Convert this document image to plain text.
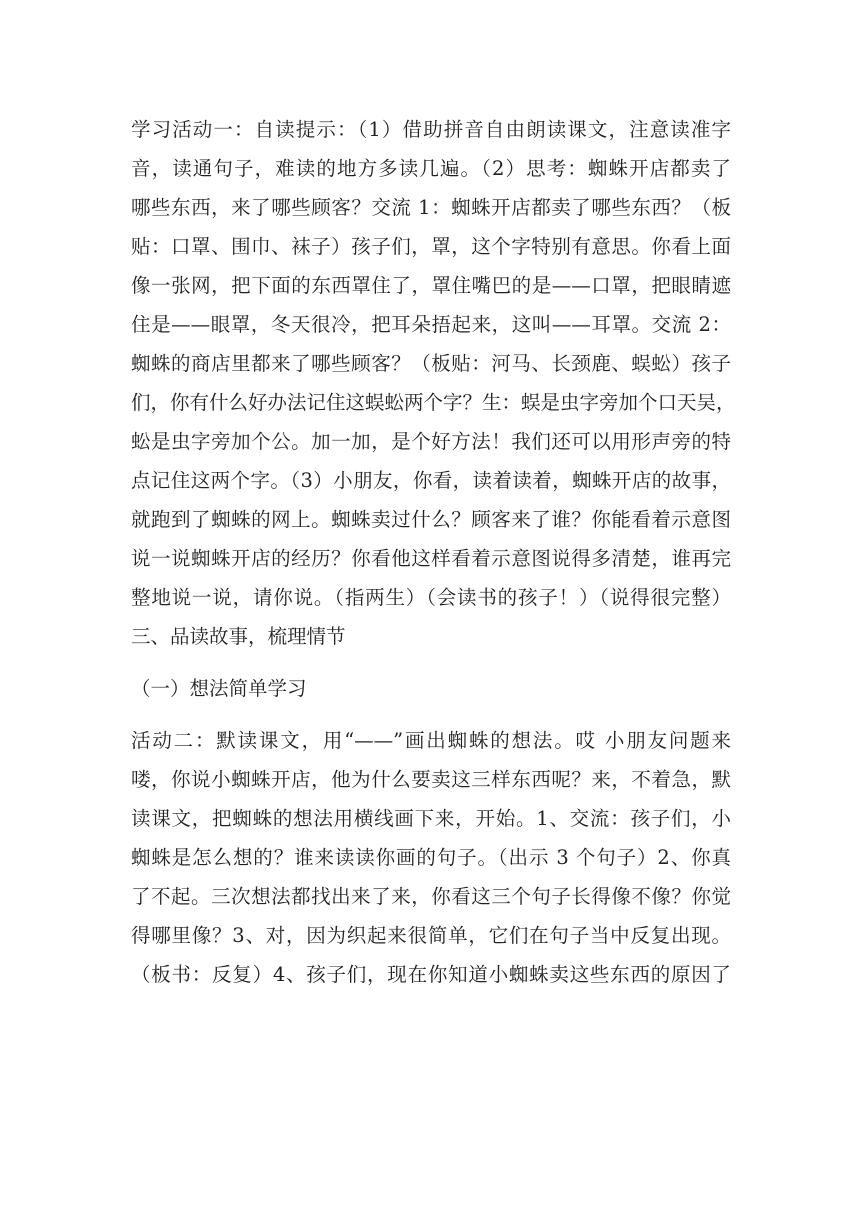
学习活动一：自读提示：（1）借助拼音自由朗读课文，注意读准字
音，读通句子，难读的地方多读几遍。（2）思考：蜘蛛开店都卖了
哪些东西，来了哪些顾客？交流 1：蜘蛛开店都卖了哪些东西？（板
贴：口罩、围巾、袜子）孩子们，罩，这个字特别有意思。你看上面
像一张网，把下面的东西罩住了，罩住嘴巴的是——口罩，把眼睛遮
住是——眼罩，冬天很冷，把耳朵捂起来，这叫——耳罩。交流 2：
蜘蛛的商店里都来了哪些顾客？（板贴：河马、长颈鹿、蜈蚣）孩子
们，你有什么好办法记住这蜈蚣两个字？生：蜈是虫字旁加个口天吴，
蚣是虫字旁加个公。加一加，是个好方法！我们还可以用形声旁的特
点记住这两个字。（3）小朋友，你看，读着读着，蜘蛛开店的故事，
就跑到了蜘蛛的网上。蜘蛛卖过什么？顾客来了谁？你能看着示意图
说一说蜘蛛开店的经历？你看他这样看着示意图说得多清楚，谁再完
整地说一说，请你说。（指两生）（会读书的孩子！）（说得很完整）
三、品读故事，梳理情节
（一）想法简单学习
活动二：默读课文，用“——”画出蜘蛛的想法。哎 小朋友问题来
喽，你说小蜘蛛开店，他为什么要卖这三样东西呢？来，不着急，默
读课文，把蜘蛛的想法用横线画下来，开始。1、交流：孩子们，小
蜘蛛是怎么想的？谁来读读你画的句子。（出示 3 个句子）2、你真
了不起。三次想法都找出来了来，你看这三个句子长得像不像？你觉
得哪里像？3、对，因为织起来很简单，它们在句子当中反复出现。
（板书：反复）4、孩子们，现在你知道小蜘蛛卖这些东西的原因了
